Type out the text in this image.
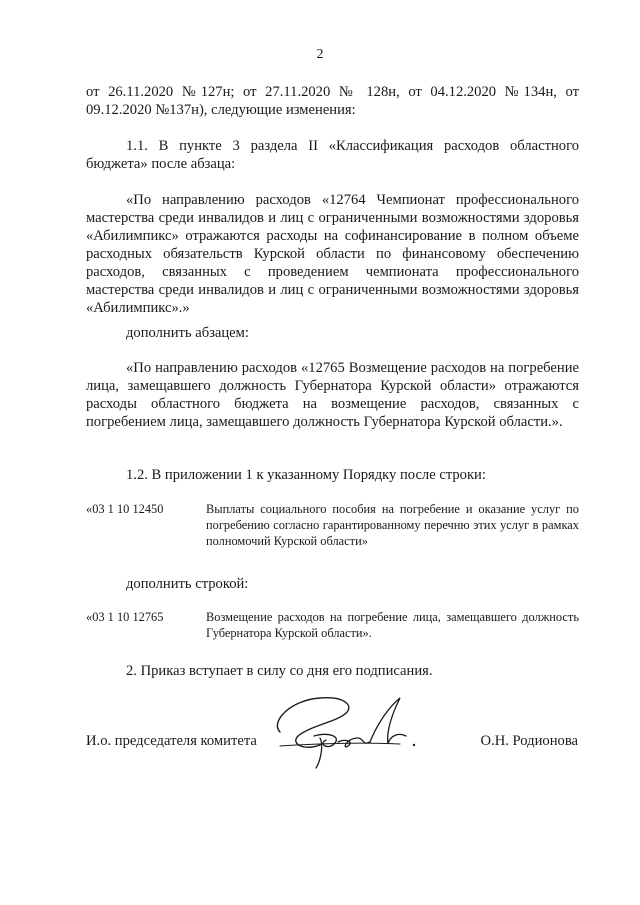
2
от 26.11.2020 №127н; от 27.11.2020 № 128н, от 04.12.2020 №134н, от 09.12.2020 №137н), следующие изменения:
1.1. В пункте 3 раздела II «Классификация расходов областного бюджета» после абзаца:
«По направлению расходов «12764 Чемпионат профессионального мастерства среди инвалидов и лиц с ограниченными возможностями здоровья «Абилимпикс» отражаются расходы на софинансирование в полном объеме расходных обязательств Курской области по финансовому обеспечению расходов, связанных с проведением чемпионата профессионального мастерства среди инвалидов и лиц с ограниченными возможностями здоровья «Абилимпикс».»
дополнить абзацем:
«По направлению расходов «12765 Возмещение расходов на погребение лица, замещавшего должность Губернатора Курской области» отражаются расходы областного бюджета на возмещение расходов, связанных с погребением лица, замещавшего должность Губернатора Курской области.».
1.2. В приложении 1 к указанному Порядку после строки:
«03 1 10 12450	Выплаты социального пособия на погребение и оказание услуг по погребению согласно гарантированному перечню этих услуг в рамках полномочий Курской области»
дополнить строкой:
«03 1 10 12765	Возмещение расходов на погребение лица, замещавшего должность Губернатора Курской области».
2. Приказ вступает в силу со дня его подписания.
И.о. председателя комитета	О.Н. Родионова
